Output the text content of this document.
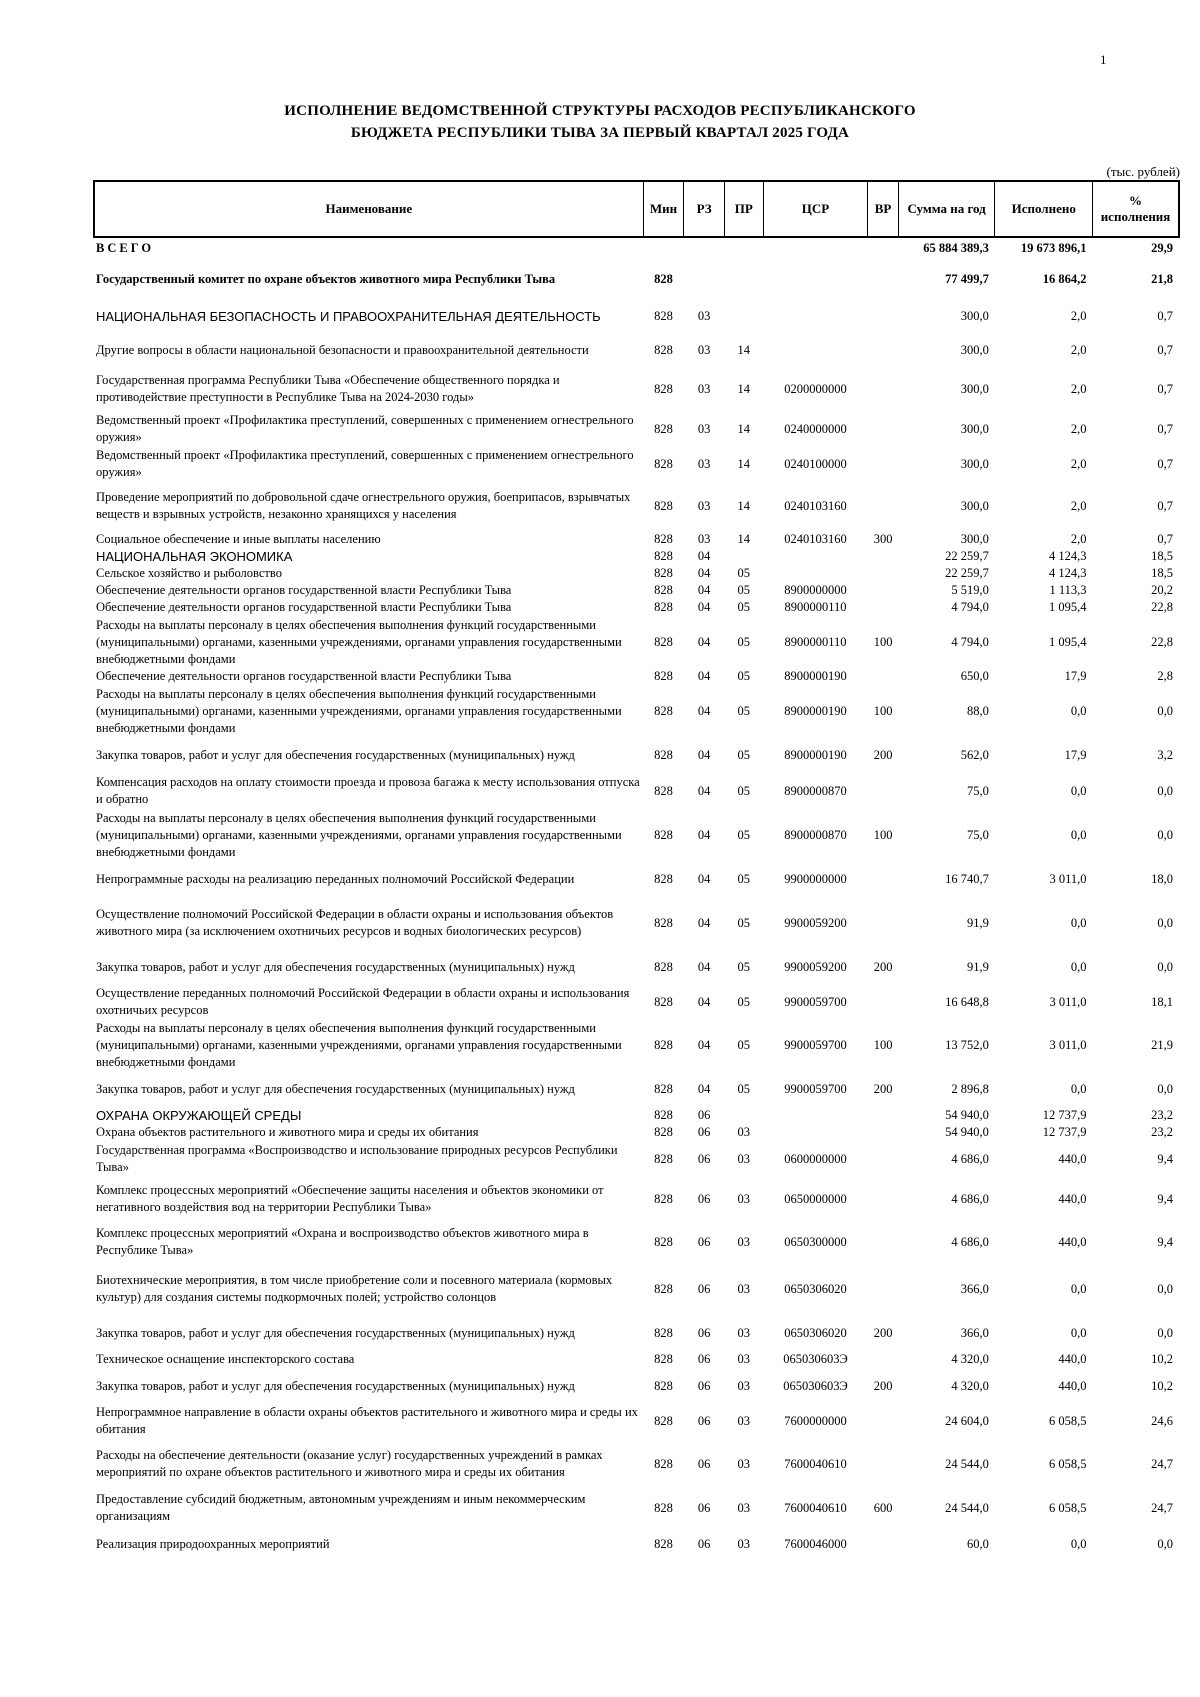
1
ИСПОЛНЕНИЕ ВЕДОМСТВЕННОЙ СТРУКТУРЫ РАСХОДОВ РЕСПУБЛИКАНСКОГО
БЮДЖЕТА РЕСПУБЛИКИ ТЫВА ЗА ПЕРВЫЙ КВАРТАЛ 2025 ГОДА
(тыс. рублей)
Наименование	Мин	РЗ	ПР	ЦСР	ВР	Сумма на год	Исполнено	% исполнения
ВСЕГО						65 884 389,3	19 673 896,1	29,9
Государственный комитет по охране объектов животного мира Республики Тыва	828					77 499,7	16 864,2	21,8
НАЦИОНАЛЬНАЯ БЕЗОПАСНОСТЬ И ПРАВООХРАНИТЕЛЬНАЯ ДЕЯТЕЛЬНОСТЬ	828	03				300,0	2,0	0,7
Другие вопросы в области национальной безопасности и правоохранительной деятельности	828	03	14			300,0	2,0	0,7
Государственная программа Республики Тыва «Обеспечение общественного порядка и противодействие преступности в Республике Тыва на 2024-2030 годы»	828	03	14	0200000000		300,0	2,0	0,7
Ведомственный проект «Профилактика преступлений, совершенных с применением огнестрельного оружия»	828	03	14	0240000000		300,0	2,0	0,7
Ведомственный проект «Профилактика преступлений, совершенных с применением огнестрельного оружия»	828	03	14	0240100000		300,0	2,0	0,7
Проведение мероприятий по добровольной сдаче огнестрельного оружия, боеприпасов, взрывчатых веществ и взрывных устройств, незаконно хранящихся у населения	828	03	14	0240103160		300,0	2,0	0,7
Социальное обеспечение и иные выплаты населению	828	03	14	0240103160	300	300,0	2,0	0,7
НАЦИОНАЛЬНАЯ ЭКОНОМИКА	828	04				22 259,7	4 124,3	18,5
Сельское хозяйство и рыболовство	828	04	05			22 259,7	4 124,3	18,5
Обеспечение деятельности органов государственной власти Республики Тыва	828	04	05	8900000000		5 519,0	1 113,3	20,2
Обеспечение деятельности органов государственной власти Республики Тыва	828	04	05	8900000110		4 794,0	1 095,4	22,8
Расходы на выплаты персоналу в целях обеспечения выполнения функций государственными (муниципальными) органами, казенными учреждениями, органами управления государственными внебюджетными фондами	828	04	05	8900000110	100	4 794,0	1 095,4	22,8
Обеспечение деятельности органов государственной власти Республики Тыва	828	04	05	8900000190		650,0	17,9	2,8
Расходы на выплаты персоналу в целях обеспечения выполнения функций государственными (муниципальными) органами, казенными учреждениями, органами управления государственными внебюджетными фондами	828	04	05	8900000190	100	88,0	0,0	0,0
Закупка товаров, работ и услуг для обеспечения государственных (муниципальных) нужд	828	04	05	8900000190	200	562,0	17,9	3,2
Компенсация расходов на оплату стоимости проезда и провоза багажа к месту использования отпуска и обратно	828	04	05	8900000870		75,0	0,0	0,0
Расходы на выплаты персоналу в целях обеспечения выполнения функций государственными (муниципальными) органами, казенными учреждениями, органами управления государственными внебюджетными фондами	828	04	05	8900000870	100	75,0	0,0	0,0
Непрограммные расходы на реализацию переданных полномочий Российской Федерации	828	04	05	9900000000		16 740,7	3 011,0	18,0
Осуществление полномочий Российской Федерации в области охраны и использования объектов животного мира (за исключением охотничьих ресурсов и водных биологических ресурсов)	828	04	05	9900059200		91,9	0,0	0,0
Закупка товаров, работ и услуг для обеспечения государственных (муниципальных) нужд	828	04	05	9900059200	200	91,9	0,0	0,0
Осуществление переданных полномочий Российской Федерации в области охраны и использования охотничьих ресурсов	828	04	05	9900059700		16 648,8	3 011,0	18,1
Расходы на выплаты персоналу в целях обеспечения выполнения функций государственными (муниципальными) органами, казенными учреждениями, органами управления государственными внебюджетными фондами	828	04	05	9900059700	100	13 752,0	3 011,0	21,9
Закупка товаров, работ и услуг для обеспечения государственных (муниципальных) нужд	828	04	05	9900059700	200	2 896,8	0,0	0,0
ОХРАНА ОКРУЖАЮЩЕЙ СРЕДЫ	828	06				54 940,0	12 737,9	23,2
Охрана объектов растительного и животного мира и среды их обитания	828	06	03			54 940,0	12 737,9	23,2
Государственная программа «Воспроизводство и использование природных ресурсов Республики Тыва»	828	06	03	0600000000		4 686,0	440,0	9,4
Комплекс процессных мероприятий «Обеспечение защиты населения и объектов экономики от негативного воздействия вод на территории Республики Тыва»	828	06	03	0650000000		4 686,0	440,0	9,4
Комплекс процессных мероприятий «Охрана и воспроизводство объектов животного мира в Республике Тыва»	828	06	03	0650300000		4 686,0	440,0	9,4
Биотехнические мероприятия, в том числе приобретение соли и посевного материала (кормовых культур) для создания системы подкормочных полей; устройство солонцов	828	06	03	0650306020		366,0	0,0	0,0
Закупка товаров, работ и услуг для обеспечения государственных (муниципальных) нужд	828	06	03	0650306020	200	366,0	0,0	0,0
Техническое оснащение инспекторского состава	828	06	03	065030603Э		4 320,0	440,0	10,2
Закупка товаров, работ и услуг для обеспечения государственных (муниципальных) нужд	828	06	03	065030603Э	200	4 320,0	440,0	10,2
Непрограммное направление в области охраны объектов растительного и животного мира и среды их обитания	828	06	03	7600000000		24 604,0	6 058,5	24,6
Расходы на обеспечение деятельности (оказание услуг) государственных учреждений в рамках мероприятий по охране объектов растительного и животного мира и среды их обитания	828	06	03	7600040610		24 544,0	6 058,5	24,7
Предоставление субсидий бюджетным, автономным учреждениям и иным некоммерческим организациям	828	06	03	7600040610	600	24 544,0	6 058,5	24,7
Реализация природоохранных мероприятий	828	06	03	7600046000		60,0	0,0	0,0
